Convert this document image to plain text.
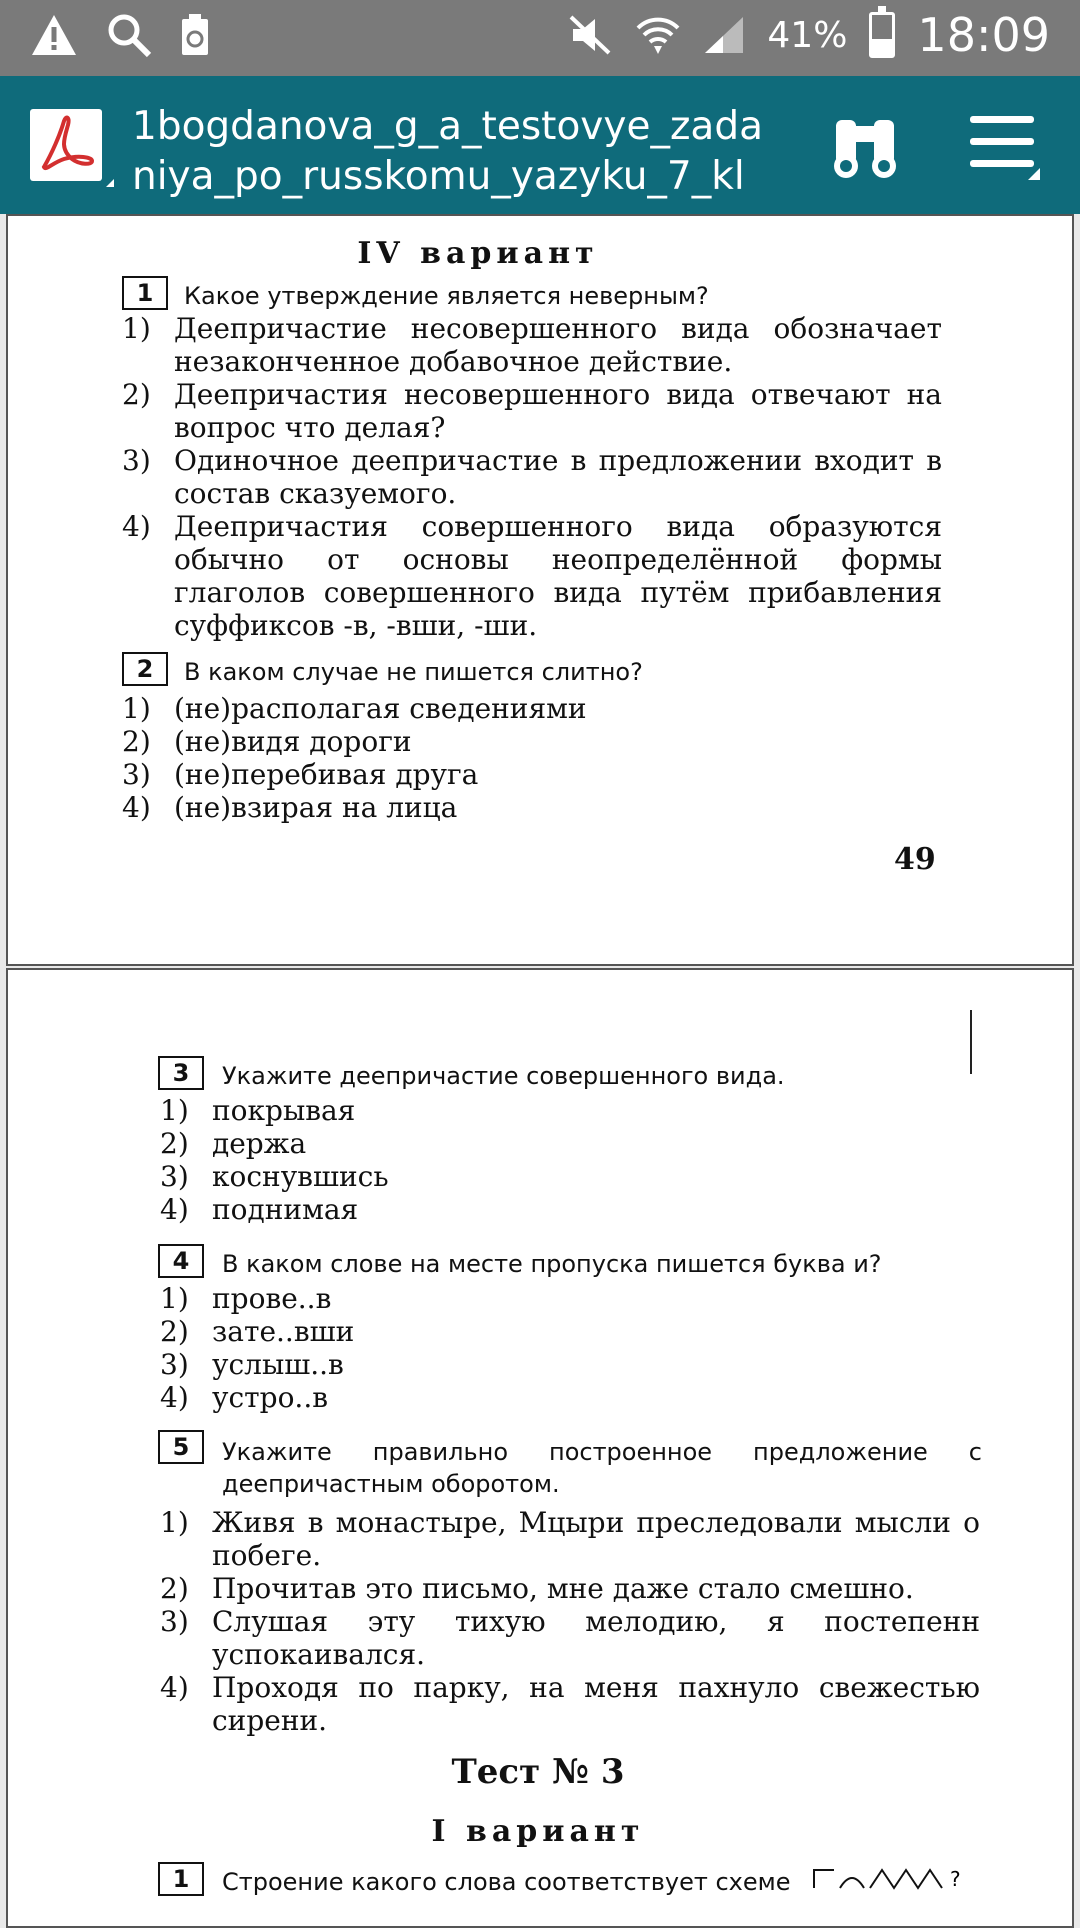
41% 18:09
1bogdanova_g_a_testovye_zadaniya_po_russkomu_yazyku_7_kl
IV вариант
1	Какое утверждение является неверным?
1) Деепричастие несовершенного вида обозначает незаконченное добавочное действие.
2) Деепричастия несовершенного вида отвечают на вопрос что делая?
3) Одиночное деепричастие в предложении входит в состав сказуемого.
4) Деепричастия совершенного вида образуются обычно от основы неопределённой формы глаголов совершенного вида путём прибавления суффиксов -в, -вши, -ши.
2	В каком случае не пишется слитно?
1) (не)располагая сведениями
2) (не)видя дороги
3) (не)перебивая друга
4) (не)взирая на лица
49
3	Укажите деепричастие совершенного вида.
1) покрывая
2) держа
3) коснувшись
4) поднимая
4	В каком слове на месте пропуска пишется буква и?
1) прове..в
2) зате..вши
3) услыш..в
4) устро..в
5	Укажите правильно построенное предложение с деепричастным оборотом.
1) Живя в монастыре, Мцыри преследовали мысли о побеге.
2) Прочитав это письмо, мне даже стало смешно.
3) Слушая эту тихую мелодию, я постепенн успокаивался.
4) Проходя по парку, на меня пахнуло свежестью сирени.
Тест № 3
I вариант
1	Строение какого слова соответствует схеме	?
